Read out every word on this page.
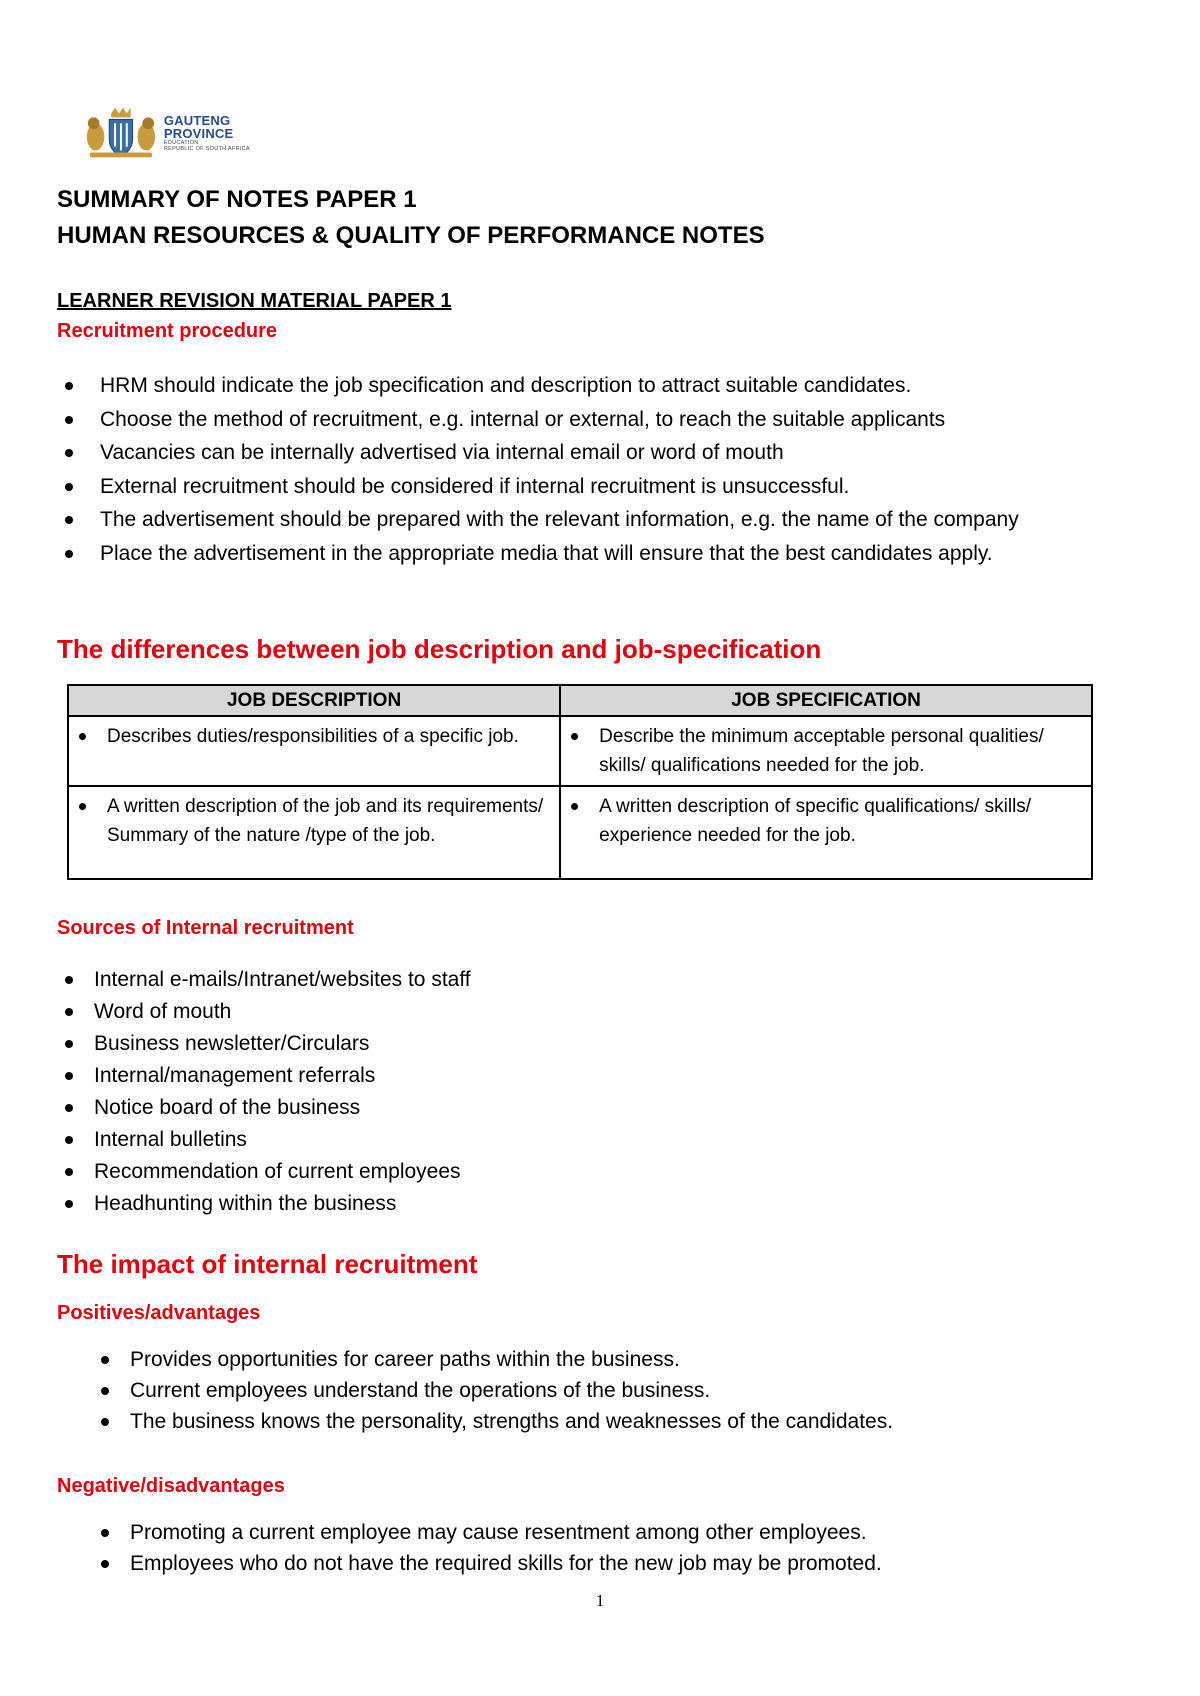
GAUTENG PROVINCE
EDUCATION
REPUBLIC OF SOUTH AFRICA
SUMMARY OF NOTES PAPER 1
HUMAN RESOURCES & QUALITY OF PERFORMANCE NOTES
LEARNER REVISION MATERIAL PAPER 1
Recruitment procedure
HRM should indicate the job specification and description to attract suitable candidates.
Choose the method of recruitment, e.g. internal or external, to reach the suitable applicants
Vacancies can be internally advertised via internal email or word of mouth
External recruitment should be considered if internal recruitment is unsuccessful.
The advertisement should be prepared with the relevant information, e.g. the name of the company
Place the advertisement in the appropriate media that will ensure that the best candidates apply.
The differences between job description and job-specification
JOB DESCRIPTION	JOB SPECIFICATION

Describes duties/responsibilities of a specific job.	Describe the minimum acceptable personal qualities/ skills/ qualifications needed for the job.

A written description of the job and its requirements/ Summary of the nature /type of the job.	A written description of specific qualifications/ skills/ experience needed for the job.
Sources of Internal recruitment
Internal e-mails/Intranet/websites to staff
Word of mouth
Business newsletter/Circulars
Internal/management referrals
Notice board of the business
Internal bulletins
Recommendation of current employees
Headhunting within the business
The impact of internal recruitment
Positives/advantages
Provides opportunities for career paths within the business.
Current employees understand the operations of the business.
The business knows the personality, strengths and weaknesses of the candidates.
Negative/disadvantages
Promoting a current employee may cause resentment among other employees.
Employees who do not have the required skills for the new job may be promoted.
1
